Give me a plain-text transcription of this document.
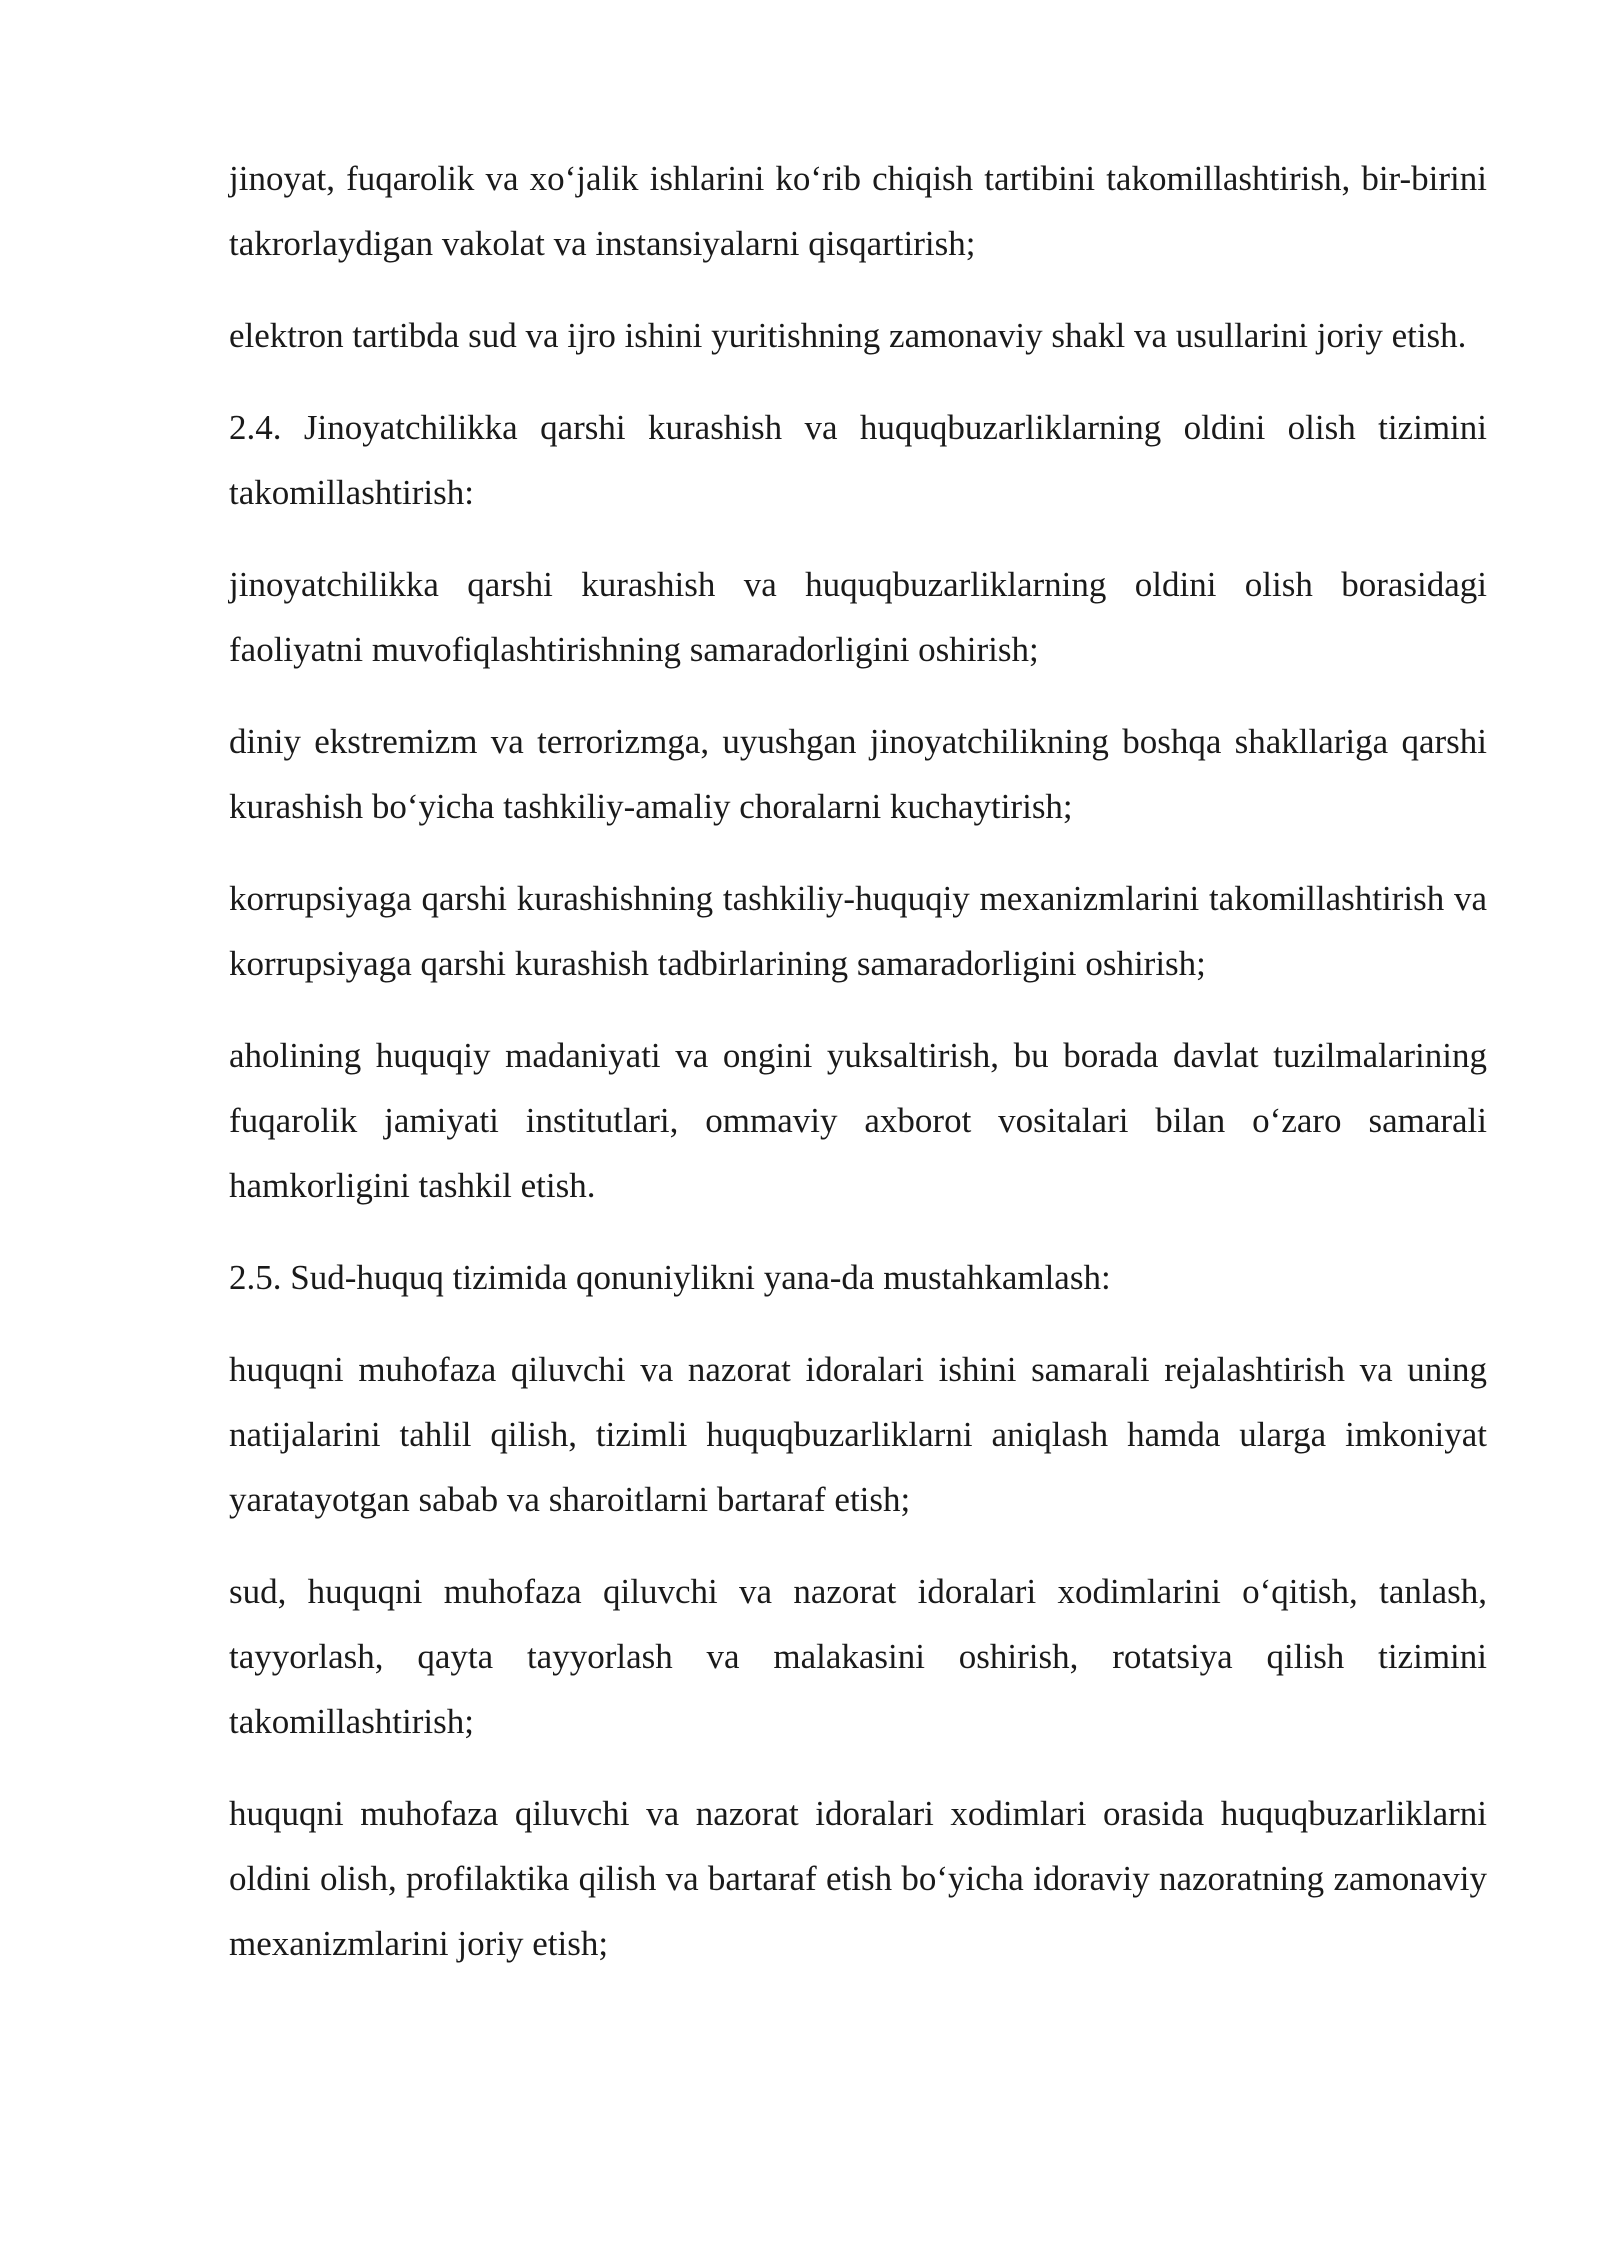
jinoyat, fuqarolik va xoʻjalik ishlarini koʻrib chiqish tartibini takomillashtirish, bir-birini takrorlaydigan vakolat va instansiyalarni qisqartirish;

elektron tartibda sud va ijro ishini yuritishning zamonaviy shakl va usullarini joriy etish.

2.4. Jinoyatchilikka qarshi kurashish va huquqbuzarliklarning oldini olish tizimini takomillashtirish:

jinoyatchilikka qarshi kurashish va huquqbuzarliklarning oldini olish borasidagi faoliyatni muvofiqlashtirishning samaradorligini oshirish;

diniy ekstremizm va terrorizmga, uyushgan jinoyatchilikning boshqa shakllariga qarshi kurashish boʻyicha tashkiliy-amaliy choralarni kuchaytirish;

korrupsiyaga qarshi kurashishning tashkiliy-huquqiy mexanizmlarini takomillashtirish va korrupsiyaga qarshi kurashish tadbirlarining samaradorligini oshirish;

aholining huquqiy madaniyati va ongini yuksaltirish, bu borada davlat tuzilmalarining fuqarolik jamiyati institutlari, ommaviy axborot vositalari bilan oʻzaro samarali hamkorligini tashkil etish.

2.5. Sud-huquq tizimida qonuniylikni yana-da mustahkamlash:

huquqni muhofaza qiluvchi va nazorat idoralari ishini samarali rejalashtirish va uning natijalarini tahlil qilish, tizimli huquqbuzarliklarni aniqlash hamda ularga imkoniyat yaratayotgan sabab va sharoitlarni bartaraf etish;

sud, huquqni muhofaza qiluvchi va nazorat idoralari xodimlarini oʻqitish, tanlash, tayyorlash, qayta tayyorlash va malakasini oshirish, rotatsiya qilish tizimini takomillashtirish;

huquqni muhofaza qiluvchi va nazorat idoralari xodimlari orasida huquqbuzarliklarni oldini olish, profilaktika qilish va bartaraf etish boʻyicha idoraviy nazoratning zamonaviy mexanizmlarini joriy etish;
